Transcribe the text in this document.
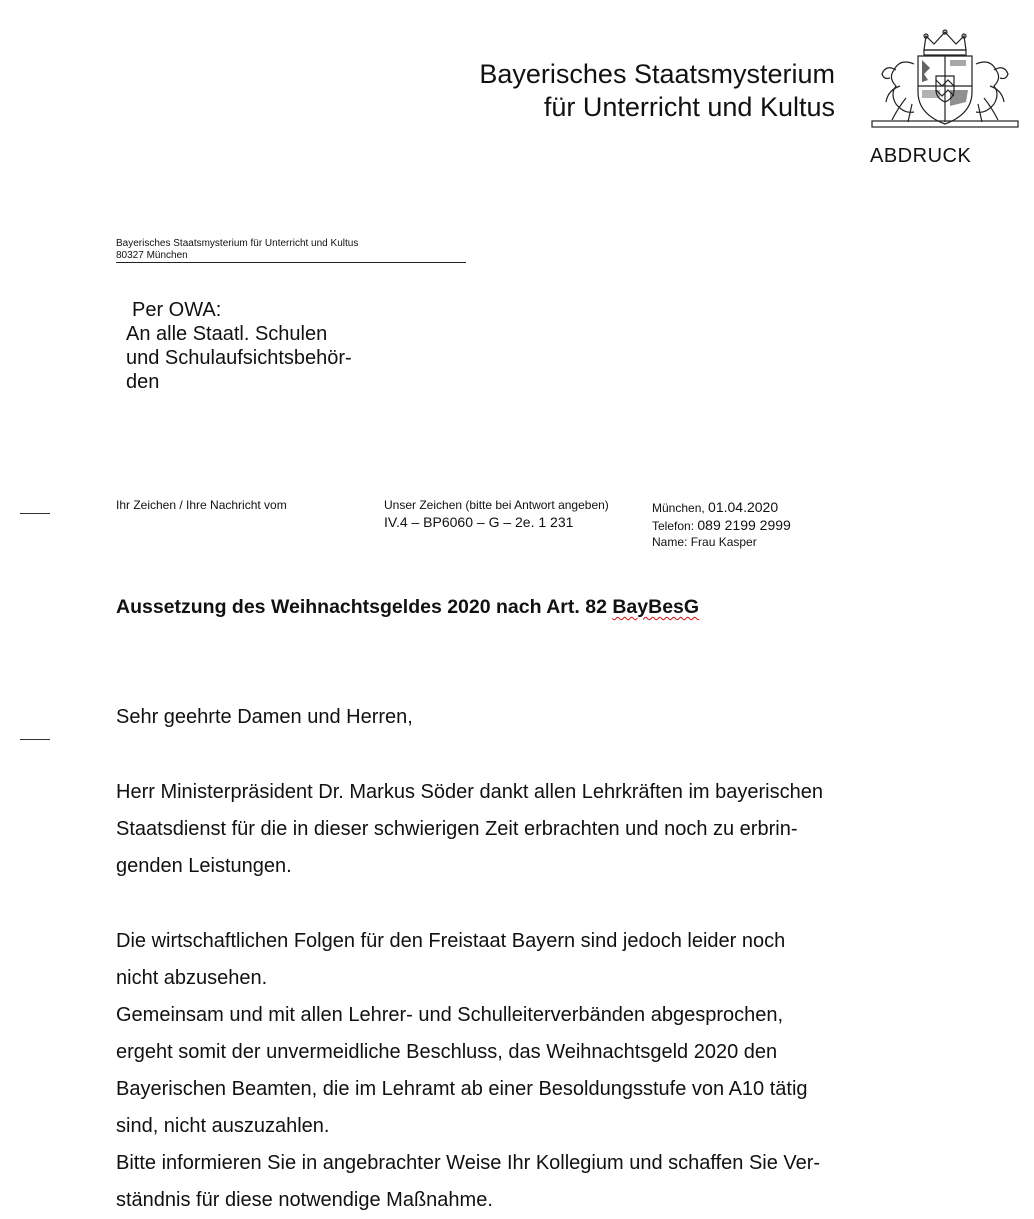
Bayerisches Staatsmysterium
für Unterricht und Kultus
ABDRUCK
Bayerisches Staatsmysterium für Unterricht und Kultus
80327 München
Per OWA:
An alle Staatl. Schulen
und Schulaufsichtsbehör-
den
Ihr Zeichen / Ihre Nachricht vom	Unser Zeichen (bitte bei Antwort angeben)
IV.4 – BP6060 – G – 2e. 1 231
München, 01.04.2020
Telefon: 089 2199 2999
Name: Frau Kasper
Aussetzung des Weihnachtsgeldes 2020 nach Art. 82 BayBesG
Sehr geehrte Damen und Herren,
Herr Ministerpräsident Dr. Markus Söder dankt allen Lehrkräften im bayerischen
Staatsdienst für die in dieser schwierigen Zeit erbrachten und noch zu erbrin-
genden Leistungen.
Die wirtschaftlichen Folgen für den Freistaat Bayern sind jedoch leider noch
nicht abzusehen.
Gemeinsam und mit allen Lehrer- und Schulleiterverbänden abgesprochen,
ergeht somit der unvermeidliche Beschluss, das Weihnachtsgeld 2020 den
Bayerischen Beamten, die im Lehramt ab einer Besoldungsstufe von A10 tätig
sind, nicht auszuzahlen.
Bitte informieren Sie in angebrachter Weise Ihr Kollegium und schaffen Sie Ver-
ständnis für diese notwendige Maßnahme.
